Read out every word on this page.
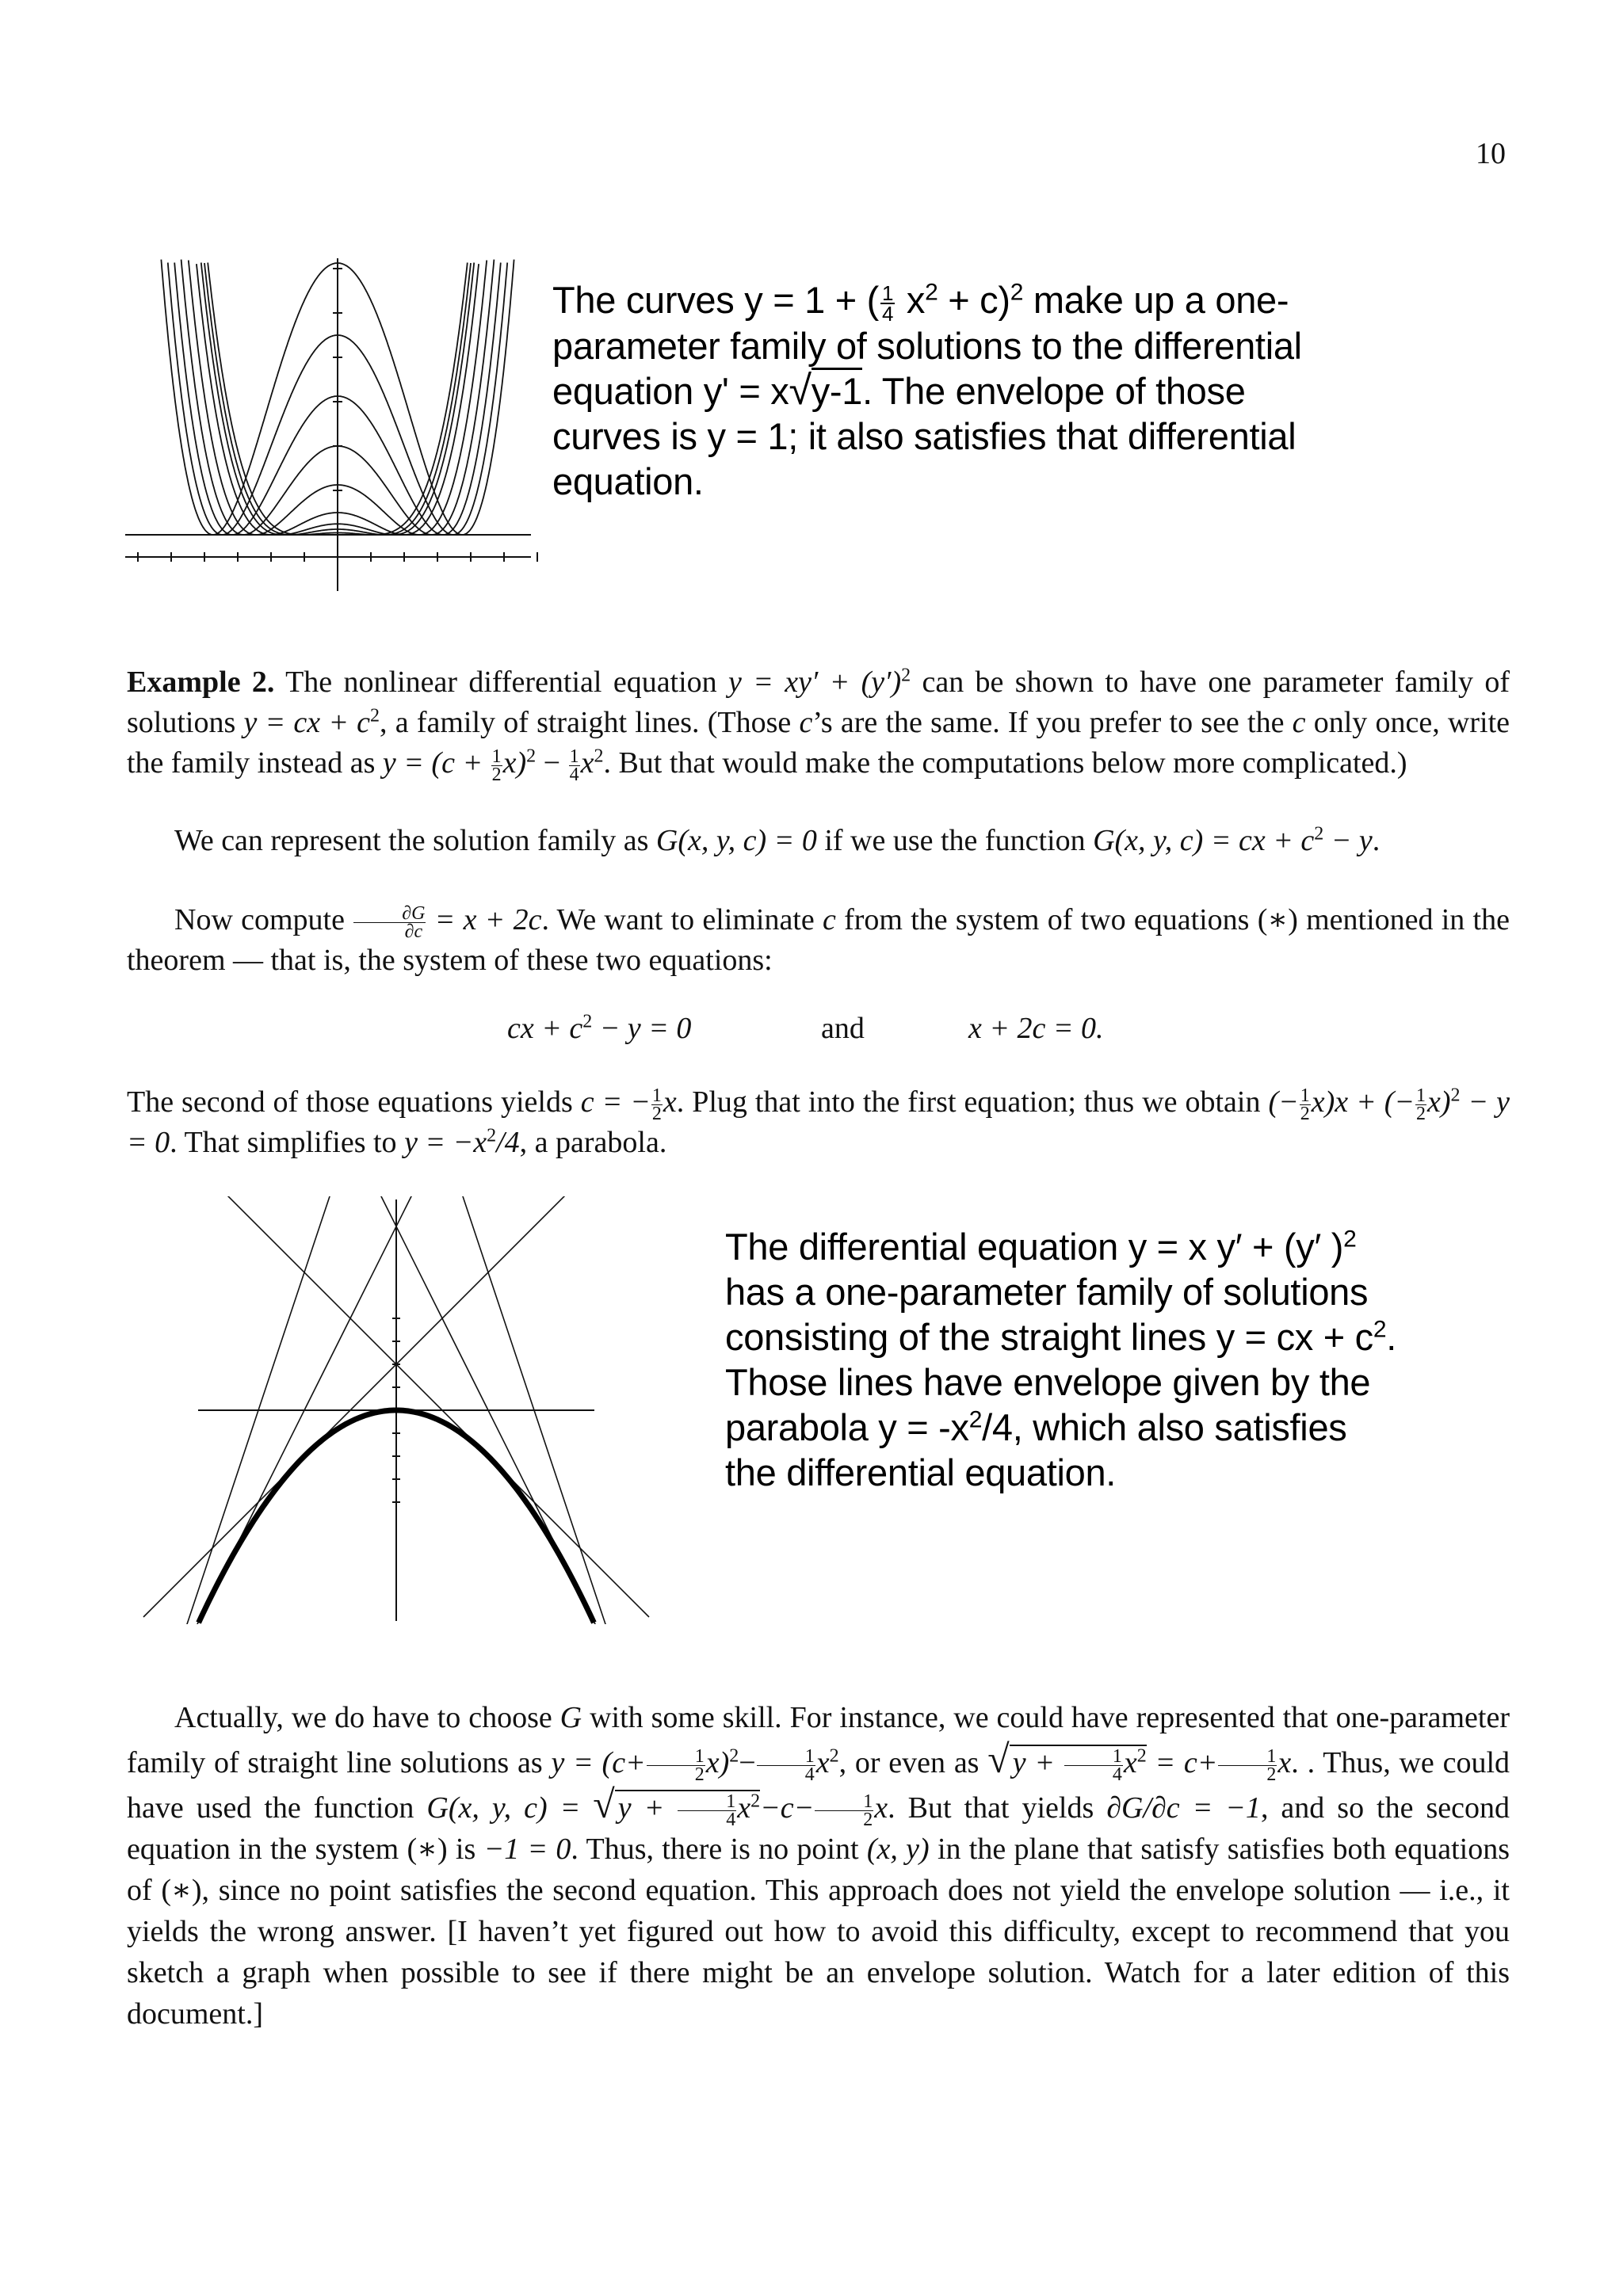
10
The curves y = 1 + ( $\frac{1}{4} x^2 + c)^2$ make up a one-
parameter family of solutions to the differential
equation y' = x√y-1. The envelope of those
curves is y = 1; it also satisfies that differential
equation.
Example 2. The nonlinear differential equation $y = xy' + (y')^2$ can be shown to have one parameter family of solutions y = cx + $c^2$, a family of straight lines. (Those c’s are the same. If you prefer to see the c only once, write the family instead as $y = (c + \frac{1}{2} x)^2 - \frac{1}{4} x^2$. But that would make the computations below more complicated.)
We can represent the solution family as G(x, y, c) = 0 if we use the function G(x, y, c) = cx + $c^2 - y$.
Now compute $\frac{\partial G}{\partial c} = x + 2c$. We want to eliminate c from the system of two equations (∗) mentioned in the theorem — that is, the system of these two equations:
cx + $c^2 - y = 0$	and	x + 2c = 0.
The second of those equations yields c = − $\frac{1}{2} x$. Plug that into the first equation; thus we obtain (− $\frac{1}{2} x)x$ + (− $\frac{1}{2} x)^2 - y = 0$. That simplifies to $y = -x^2/4$, a parabola.
The differential equation y = x y′ + (y′ )$^2$
has a one-parameter family of solutions
consisting of the straight lines y = cx + $c^2$.
Those lines have envelope given by the
parabola $y = -x^2/4$, which also satisfies
the differential equation.
Actually, we do have to choose G with some skill. For instance, we could have represented that one-parameter family of straight line solutions as $y = (c+ \frac{1}{2} x)^2- \frac{1}{4} x^2$, or even as √ $y + \frac{1}{4} x^2 = c+ \frac{1}{2} x$. . Thus, we could have used the function G(x, y, c) = √ $y + \frac{1}{4} x^2-c- \frac{1}{2} x$. But that yields ∂G/∂c = −1, and so the second equation in the system (∗) is −1 = 0. Thus, there is no point (x, y) in the plane that satisfy satisfies both equations of (∗), since no point satisfies the second equation. This approach does not yield the envelope solution — i.e., it yields the wrong answer. [I haven’t yet figured out how to avoid this difficulty, except to recommend that you sketch a graph when possible to see if there might be an envelope solution. Watch for a later edition of this document.]
